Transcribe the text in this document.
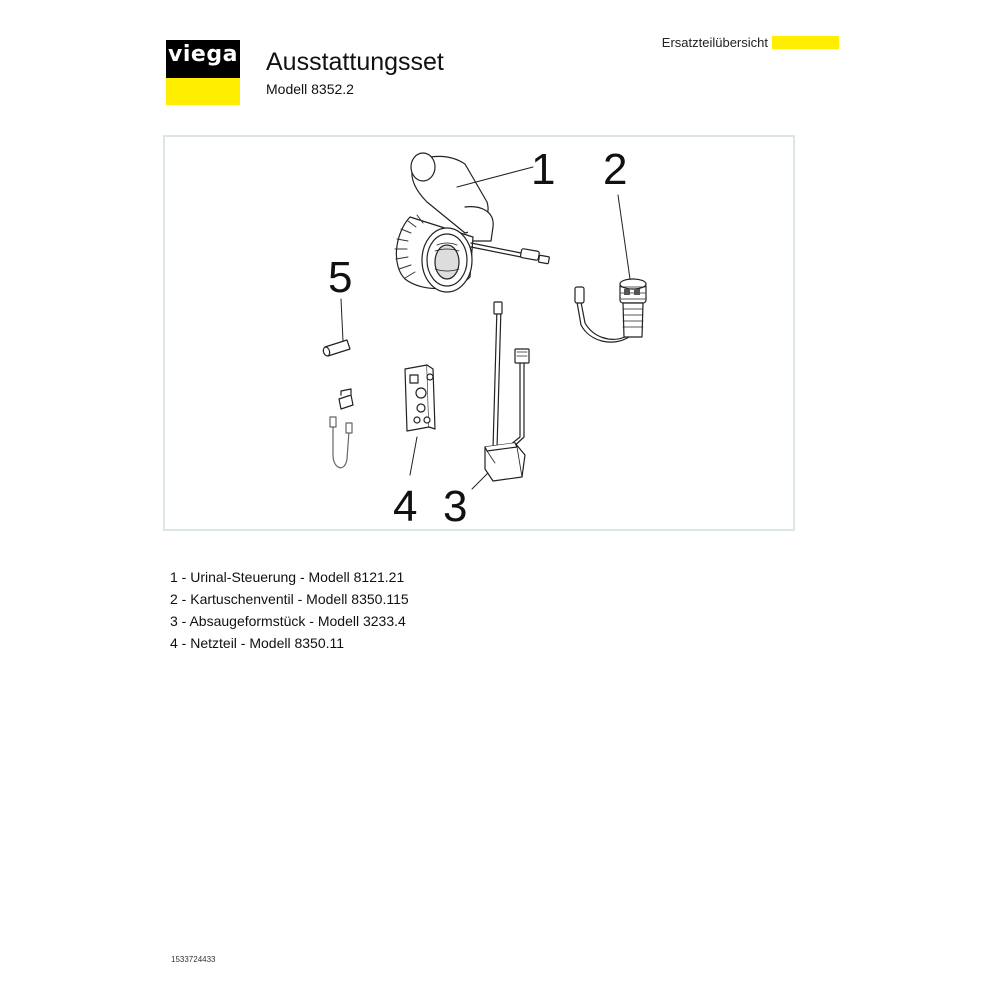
viega Ausstattungsset
Modell 8352.2
Ersatzteilübersicht
1 2
3
4
5
1 - Urinal-Steuerung - Modell 8121.21
2 - Kartuschenventil - Modell 8350.115
3 - Absaugeformstück - Modell 3233.4
4 - Netzteil - Modell 8350.11
1533724433
